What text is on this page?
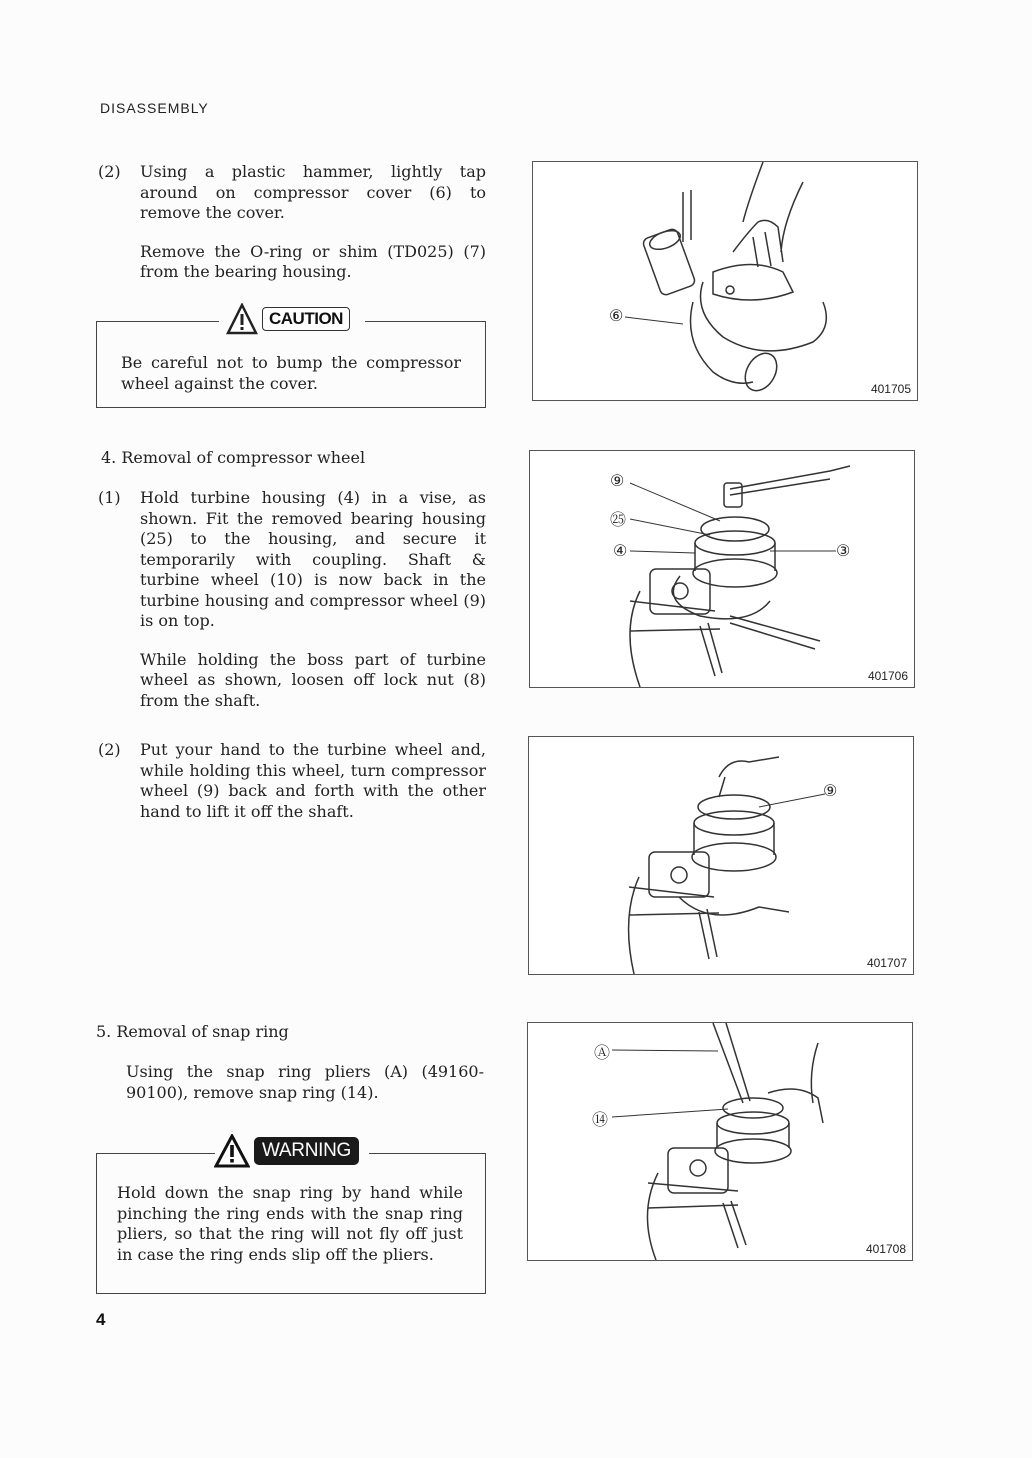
DISASSEMBLY
(2) Using a plastic hammer, lightly tap around on compressor cover (6) to remove the cover.
Remove the O-ring or shim (TD025) (7) from the bearing housing.
Be careful not to bump the compressor wheel against the cover.
CAUTION
4. Removal of compressor wheel
(1) Hold turbine housing (4) in a vise, as shown. Fit the removed bearing housing (25) to the housing, and secure it temporarily with coupling. Shaft & turbine wheel (10) is now back in the turbine housing and compressor wheel (9) is on top.
While holding the boss part of turbine wheel as shown, loosen off lock nut (8) from the shaft.
(2) Put your hand to the turbine wheel and, while holding this wheel, turn compressor wheel (9) back and forth with the other hand to lift it off the shaft.
5. Removal of snap ring
Using the snap ring pliers (A) (49160-90100), remove snap ring (14).
Hold down the snap ring by hand while pinching the ring ends with the snap ring pliers, so that the ring will not fly off just in case the ring ends slip off the pliers.
WARNING
⑥
401705
⑨
㉕
④	③
401706
⑨
401707
Ⓐ
⑭
401708
4
